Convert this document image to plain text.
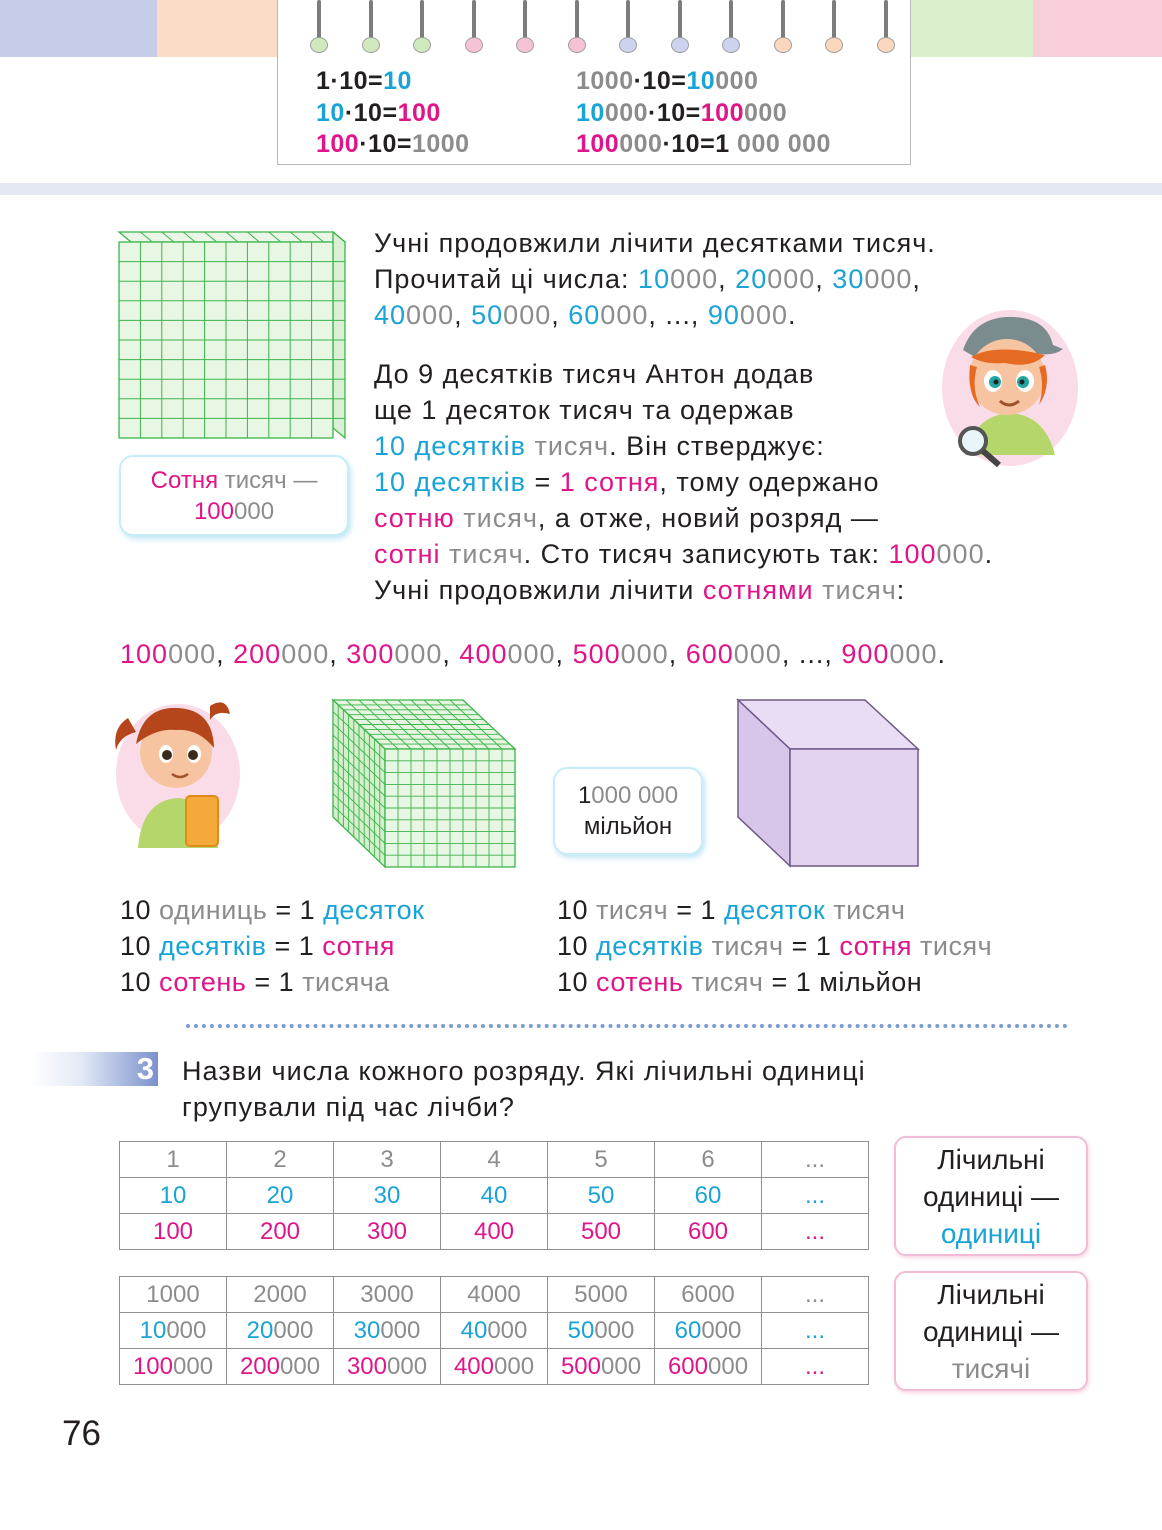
1·10=10
10·10=100
100·10=1000
1000·10=10000
10000·10=100000
100000·10=1 000 000
Сотня тисяч —
100000
Учні продовжили лічити десятками тисяч.
Прочитай ці числа: 10000, 20000, 30000,
40000, 50000, 60000, ..., 90000.
До 9 десятків тисяч Антон додав
ще 1 десяток тисяч та одержав
10 десятків тисяч. Він стверджує:
10 десятків = 1 сотня, тому одержано
сотню тисяч, а отже, новий розряд —
сотні тисяч. Сто тисяч записують так: 100000.
Учні продовжили лічити сотнями тисяч:
100000, 200000, 300000, 400000, 500000, 600000, ..., 900000.
1000 000
мільйон
10 одиниць = 1 десяток
10 десятків = 1 сотня
10 сотень = 1 тисяча
10 тисяч = 1 десяток тисяч
10 десятків тисяч = 1 сотня тисяч
10 сотень тисяч = 1 мільйон
3 Назви числа кожного розряду. Які лічильні одиниці
групували під час лічби?
1	2	3	4	5	6	...
10	20	30	40	50	60	...
100	200	300	400	500	600	...
1000	2000	3000	4000	5000	6000	...
10000	20000	30000	40000	50000	60000	...
100000	200000	300000	400000	500000	600000	...
Лічильні
одиниці —
одиниці
Лічильні
одиниці —
тисячі
76
